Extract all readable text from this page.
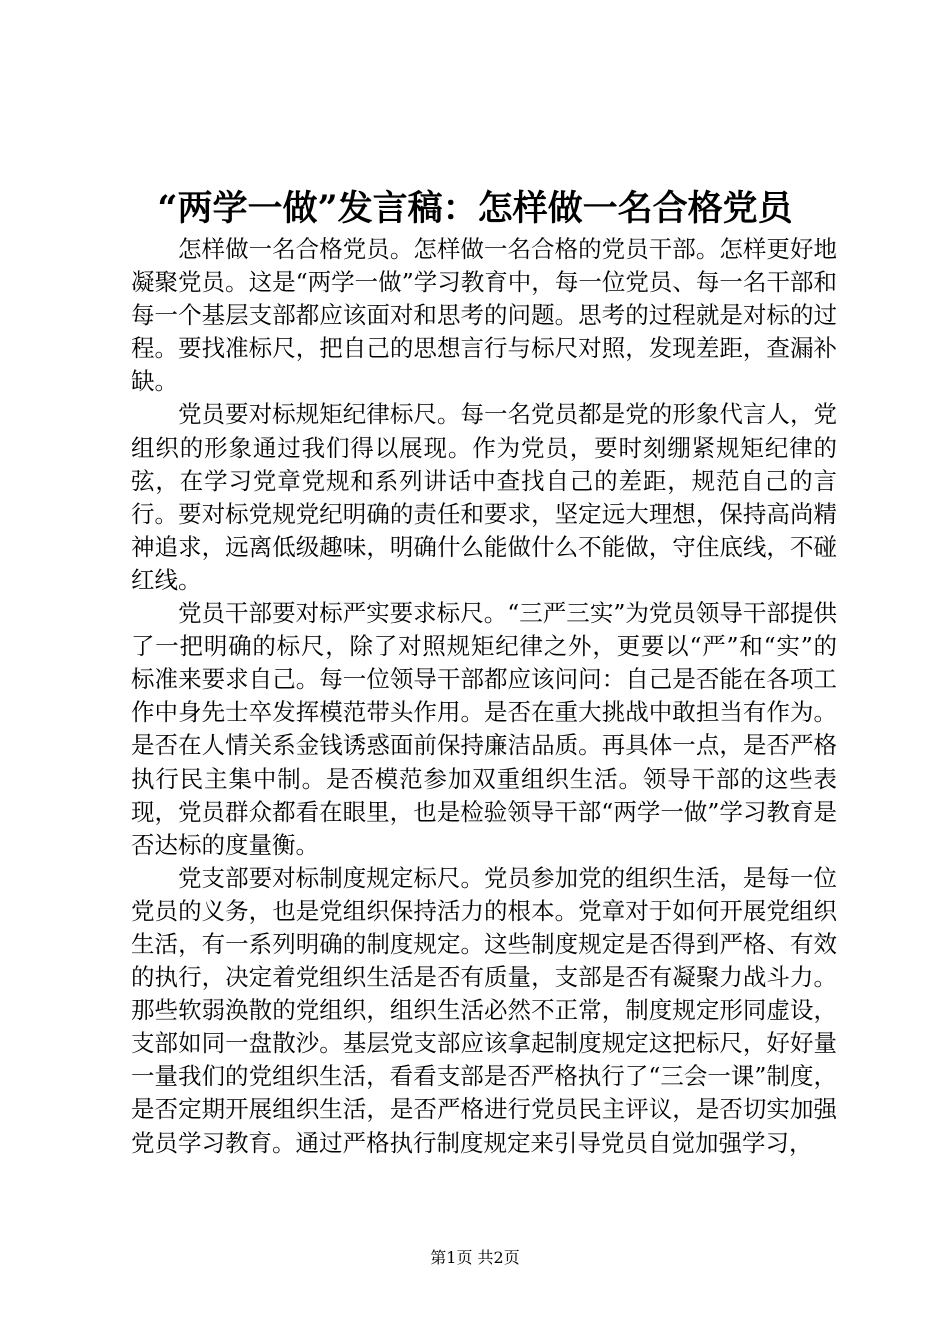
“两学一做”发言稿：怎样做一名合格党员

怎样做一名合格党员。怎样做一名合格的党员干部。怎样更好地凝聚党员。这是“两学一做”学习教育中，每一位党员、每一名干部和每一个基层支部都应该面对和思考的问题。思考的过程就是对标的过程。要找准标尺，把自己的思想言行与标尺对照，发现差距，查漏补缺。

党员要对标规矩纪律标尺。每一名党员都是党的形象代言人，党组织的形象通过我们得以展现。作为党员，要时刻绷紧规矩纪律的弦，在学习党章党规和系列讲话中查找自己的差距，规范自己的言行。要对标党规党纪明确的责任和要求，坚定远大理想，保持高尚精神追求，远离低级趣味，明确什么能做什么不能做，守住底线，不碰红线。

党员干部要对标严实要求标尺。“三严三实”为党员领导干部提供了一把明确的标尺，除了对照规矩纪律之外，更要以“严”和“实”的标准来要求自己。每一位领导干部都应该问问：自己是否能在各项工作中身先士卒发挥模范带头作用。是否在重大挑战中敢担当有作为。是否在人情关系金钱诱惑面前保持廉洁品质。再具体一点，是否严格执行民主集中制。是否模范参加双重组织生活。领导干部的这些表现，党员群众都看在眼里，也是检验领导干部“两学一做”学习教育是否达标的度量衡。

党支部要对标制度规定标尺。党员参加党的组织生活，是每一位党员的义务，也是党组织保持活力的根本。党章对于如何开展党组织生活，有一系列明确的制度规定。这些制度规定是否得到严格、有效的执行，决定着党组织生活是否有质量，支部是否有凝聚力战斗力。那些软弱涣散的党组织，组织生活必然不正常，制度规定形同虚设，支部如同一盘散沙。基层党支部应该拿起制度规定这把标尺，好好量一量我们的党组织生活，看看支部是否严格执行了“三会一课”制度，是否定期开展组织生活，是否严格进行党员民主评议，是否切实加强党员学习教育。通过严格执行制度规定来引导党员自觉加强学习，

第1页 共2页
